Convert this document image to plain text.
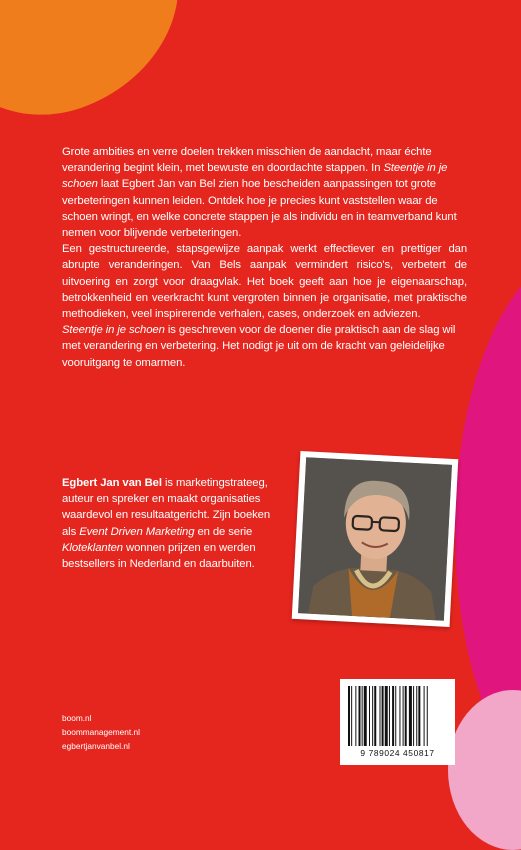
Grote ambities en verre doelen trekken misschien de aandacht, maar échte verandering begint klein, met bewuste en doordachte stappen. In Steentje in je schoen laat Egbert Jan van Bel zien hoe bescheiden aanpassingen tot grote verbeteringen kunnen leiden. Ontdek hoe je precies kunt vaststellen waar de schoen wringt, en welke concrete stappen je als individu en in teamverband kunt nemen voor blijvende verbeteringen.

Een gestructureerde, stapsgewijze aanpak werkt effectiever en prettiger dan abrupte veranderingen. Van Bels aanpak vermindert risico's, verbetert de uitvoering en zorgt voor draagvlak. Het boek geeft aan hoe je eigenaarschap, betrokkenheid en veerkracht kunt vergroten binnen je organisatie, met praktische methodieken, veel inspirerende verhalen, cases, onderzoek en adviezen.

Steentje in je schoen is geschreven voor de doener die praktisch aan de slag wil met verandering en verbetering. Het nodigt je uit om de kracht van geleidelijke vooruitgang te omarmen.

Egbert Jan van Bel is marketingstrateeg, auteur en spreker en maakt organisaties waardevol en resultaatgericht. Zijn boeken als Event Driven Marketing en de serie Kloteklanten wonnen prijzen en werden bestsellers in Nederland en daarbuiten.

boom.nl
boommanagement.nl
egbertjanvanbel.nl
9 789024 450817
